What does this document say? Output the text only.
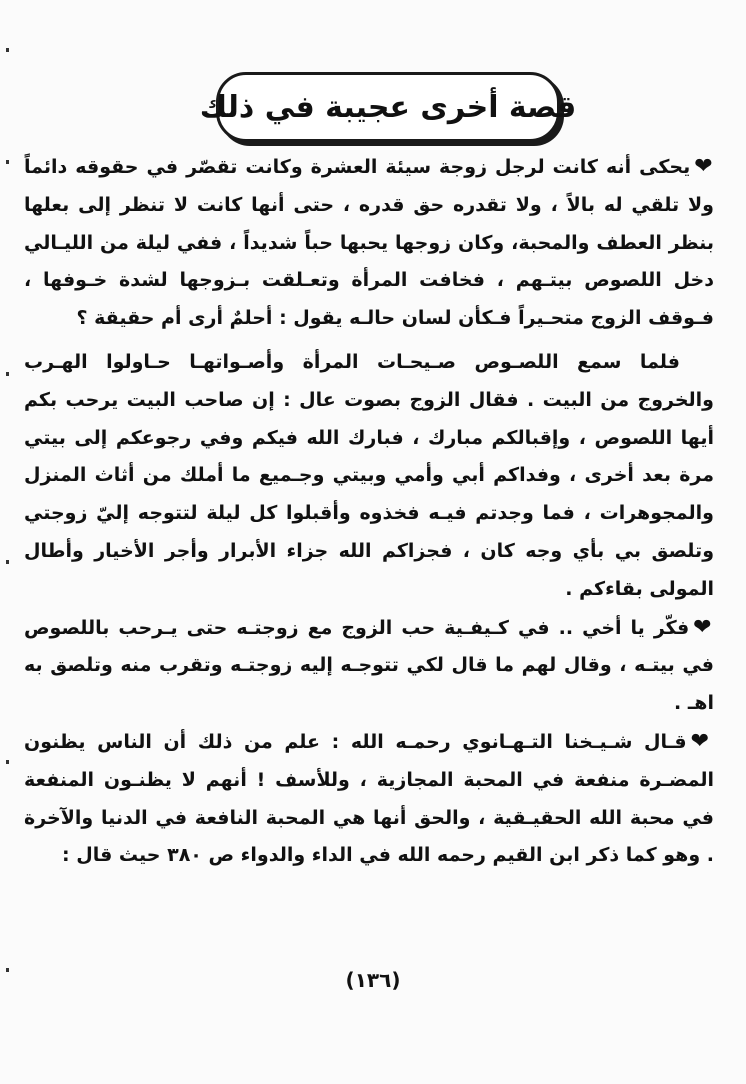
قصة أخرى عجيبة في ذلك

❤يحكى أنه كانت لرجل زوجة سيئة العشرة وكانت تقصّر في حقوقه دائماً ولا تلقي له بالاً ، ولا تقدره حق قدره ، حتى أنها كانت لا تنظر إلى بعلها بنظر العطف والمحبة، وكان زوجها يحبها حباً شديداً ، ففي ليلة من الليـالي دخل اللصوص بيتـهم ، فخافت المرأة وتعـلقت بـزوجها لشدة خـوفها ، فـوقف الزوج متحـيراً فـكأن لسان حالـه يقول : أحلمٌ أرى أم حقيقة ؟

فلما سمع اللصـوص صـيحـات المرأة وأصـواتهـا حـاولوا الهـرب والخروج من البيت . فقال الزوج بصوت عال : إن صاحب البيت يرحب بكم أيها اللصوص ، وإقبالكم مبارك ، فبارك الله فيكم وفي رجوعكم إلى بيتي مرة بعد أخرى ، وفداكم أبي وأمي وبيتي وجـميع ما أملك من أثاث المنزل والمجوهرات ، فما وجدتم فيـه فخذوه وأقبلوا كل ليلة لتتوجه إليّ زوجتي وتلصق بي بأي وجه كان ، فجزاكم الله جزاء الأبرار وأجر الأخيار وأطال المولى بقاءكم .

❤فكّر يا أخي .. في كـيفـية حب الزوج مع زوجتـه حتى يـرحب باللصوص في بيتـه ، وقال لهم ما قال لكي تتوجـه إليه زوجتـه وتقرب منه وتلصق به اهـ .

❤قـال شـيـخنا التـهـانوي رحمـه الله : علم من ذلك أن الناس يظنون المضـرة منفعة في المحبة المجازية ، وللأسف ! أنهم لا يظنـون المنفعة في محبة الله الحقيـقية ، والحق أنها هي المحبة النافعة في الدنيا والآخرة . وهو كما ذكر ابن القيم رحمه الله في الداء والدواء ص ٣٨٠ حيث قال :

(١٣٦)
